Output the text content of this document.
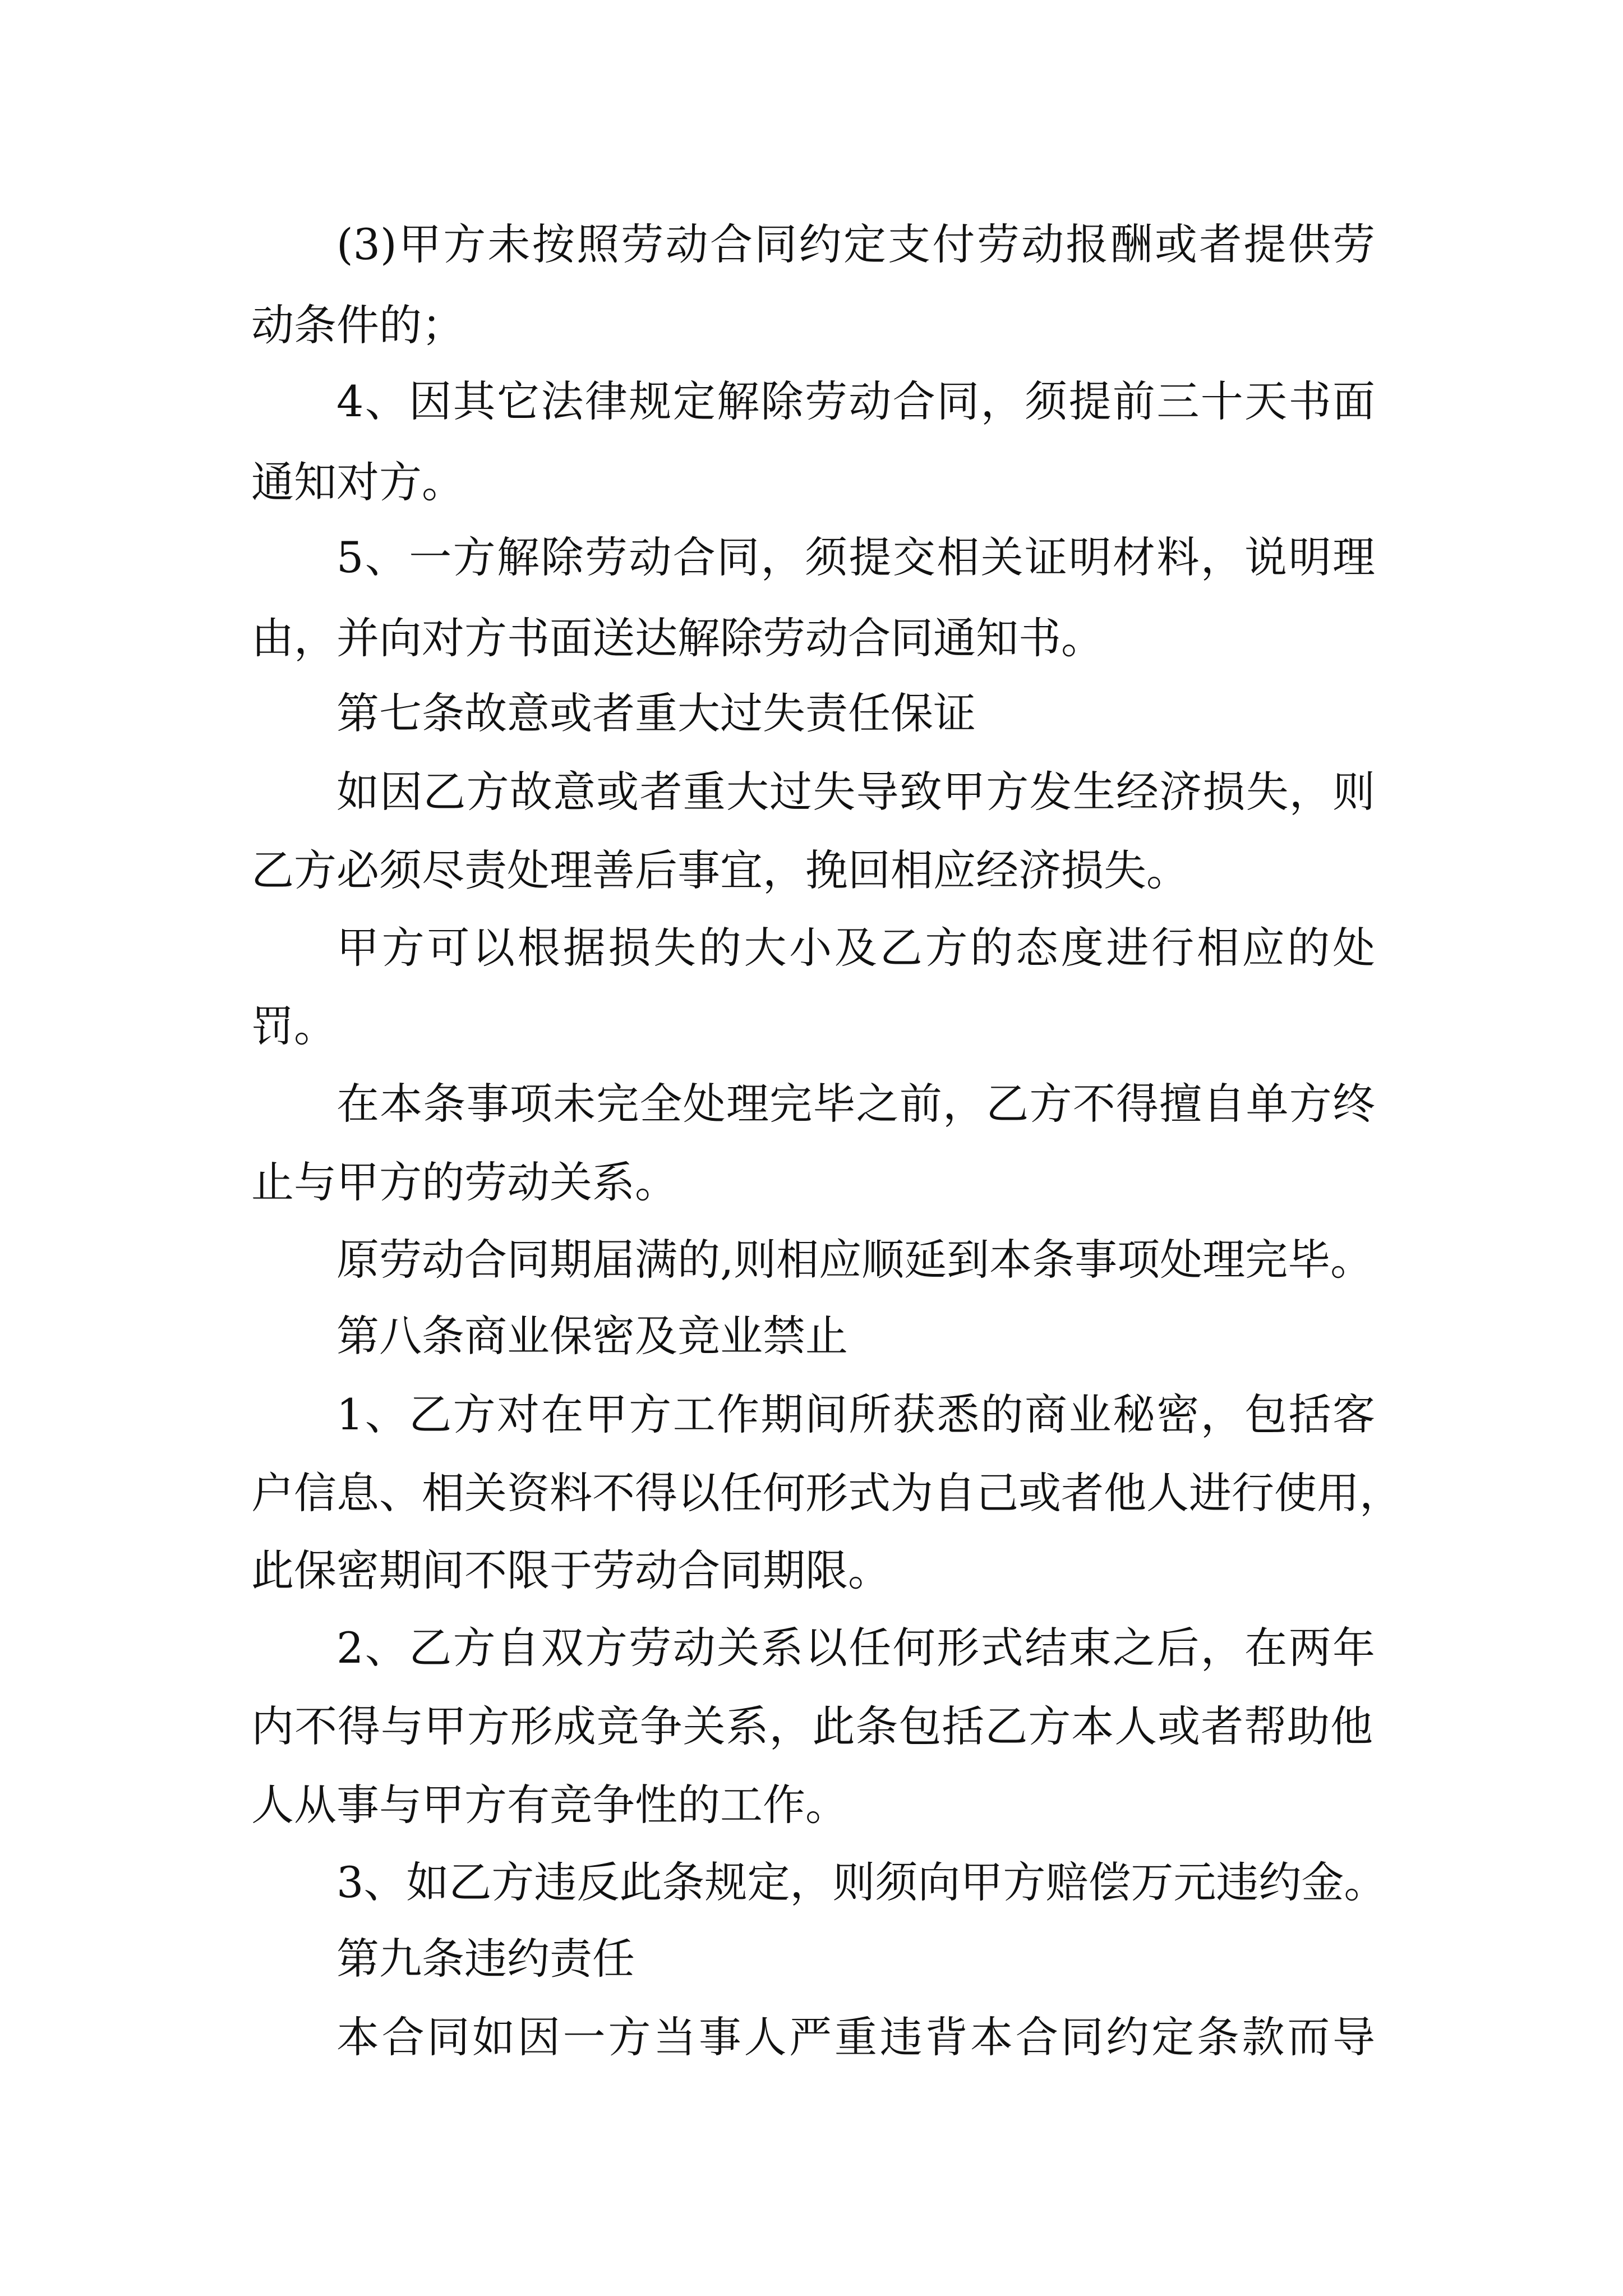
(3)甲方未按照劳动合同约定支付劳动报酬或者提供劳

动条件的；

4、因其它法律规定解除劳动合同，须提前三十天书面

通知对方。

5、一方解除劳动合同，须提交相关证明材料，说明理

由，并向对方书面送达解除劳动合同通知书。

第七条故意或者重大过失责任保证

如因乙方故意或者重大过失导致甲方发生经济损失，则

乙方必须尽责处理善后事宜，挽回相应经济损失。

甲方可以根据损失的大小及乙方的态度进行相应的处

罚。

在本条事项未完全处理完毕之前，乙方不得擅自单方终

止与甲方的劳动关系。

原劳动合同期届满的,则相应顺延到本条事项处理完毕。

第八条商业保密及竞业禁止

1、乙方对在甲方工作期间所获悉的商业秘密，包括客

户信息、相关资料不得以任何形式为自己或者他人进行使用，

此保密期间不限于劳动合同期限。

2、乙方自双方劳动关系以任何形式结束之后，在两年

内不得与甲方形成竞争关系，此条包括乙方本人或者帮助他

人从事与甲方有竞争性的工作。

3、如乙方违反此条规定，则须向甲方赔偿万元违约金。

第九条违约责任

本合同如因一方当事人严重违背本合同约定条款而导
